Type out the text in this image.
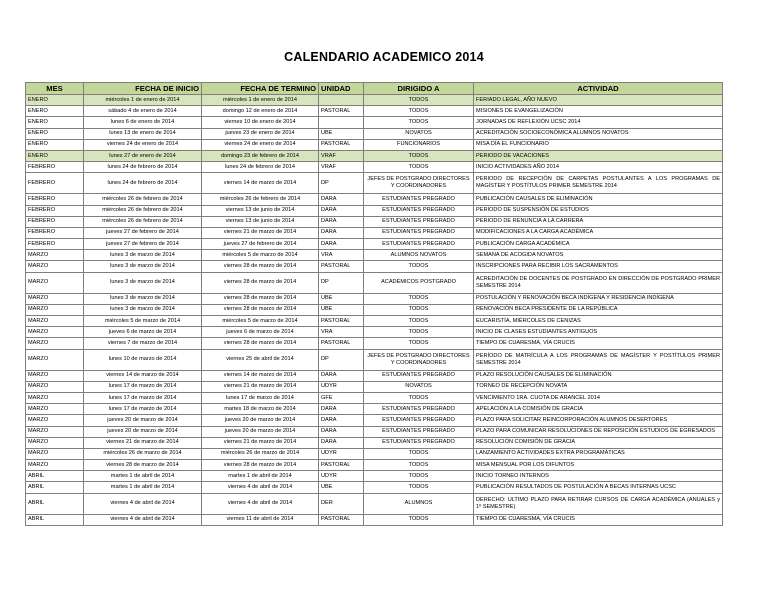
CALENDARIO ACADEMICO 2014
MES	FECHA DE INICIO	FECHA DE TERMINO	UNIDAD	DIRIGIDO A	ACTIVIDAD
ENERO	miércoles 1 de enero de 2014	miércoles 1 de enero de 2014		TODOS	FERIADO LEGAL, AÑO NUEVO
ENERO	sábado 4 de enero de 2014	domingo 12 de enero de 2014	PASTORAL	TODOS	MISIONES DE EVANGELIZACIÓN
ENERO	lunes 6 de enero de 2014	viernes 10 de enero de 2014		TODOS	JORNADAS DE REFLEXIÓN UCSC 2014
ENERO	lunes 13 de enero de 2014	jueves 23 de enero de 2014	UBE	NOVATOS	ACREDITACIÓN SOCIOECONÓMICA ALUMNOS NOVATOS
ENERO	viernes 24 de enero de 2014	viernes 24 de enero de 2014	PASTORAL	FUNCIONARIOS	MISA DÍA EL FUNCIONARIO
ENERO	lunes 27 de enero de 2014	domingo 23 de febrero de 2014	VRAF	TODOS	PERIODO DE VACACIONES
FEBRERO	lunes 24 de febrero de 2014	lunes 24 de febrero de 2014	VRAF	TODOS	INICIO ACTIVIDADES AÑO 2014
FEBRERO	lunes 24 de febrero de 2014	viernes 14 de marzo de 2014	DP	JEFES DE POSTGRADO DIRECTORES Y COORDINADORES	PERIODO DE RECEPCIÓN DE CARPETAS POSTULANTES A LOS PROGRAMAS DE MAGÍSTER Y POSTÍTULOS PRIMER SEMESTRE 2014
FEBRERO	miércoles 26 de febrero de 2014	miércoles 26 de febrero de 2014	DARA	ESTUDIANTES PREGRADO	PUBLICACIÓN CAUSALES DE ELIMINACIÓN
FEBRERO	miércoles 26 de febrero de 2014	viernes 13 de junio de 2014	DARA	ESTUDIANTES PREGRADO	PERIODO DE SUSPENSIÓN DE ESTUDIOS
FEBRERO	miércoles 26 de febrero de 2014	viernes 13 de junio de 2014	DARA	ESTUDIANTES PREGRADO	PERIODO DE RENUNCIA A LA CARRERA
FEBRERO	jueves 27 de febrero de 2014	viernes 21 de marzo de 2014	DARA	ESTUDIANTES PREGRADO	MODIFICACIONES A LA CARGA ACADÉMICA
FEBRERO	jueves 27 de febrero de 2014	jueves 27 de febrero de 2014	DARA	ESTUDIANTES PREGRADO	PUBLICACIÓN CARGA ACADÉMICA
MARZO	lunes 3 de marzo de 2014	miércoles 5 de marzo de 2014	VRA	ALUMNOS NOVATOS	SEMANA DE ACOGIDA NOVATOS
MARZO	lunes 3 de marzo de 2014	viernes 28 de marzo de 2014	PASTORAL	TODOS	INSCRIPCIONES PARA RECIBIR LOS SACRAMENTOS
MARZO	lunes 3 de marzo de 2014	viernes 28 de marzo de 2014	DP	ACADÉMICOS POSTGRADO	ACREDITACIÓN DE DOCENTES DE POSTGRADO EN DIRECCIÓN DE POSTGRADO PRIMER SEMESTRE 2014
MARZO	lunes 3 de marzo de 2014	viernes 28 de marzo de 2014	UBE	TODOS	POSTULACIÓN Y RENOVACIÓN BECA INDÍGENA Y RESIDENCIA INDÍGENA
MARZO	lunes 3 de marzo de 2014	viernes 28 de marzo de 2014	UBE	TODOS	RENOVACIÓN BECA PRESIDENTE DE LA REPÚBLICA
MARZO	miércoles 5 de marzo de 2014	miércoles 5 de marzo de 2014	PASTORAL	TODOS	EUCARISTÍA, MIÉRCOLES DE CENIZAS
MARZO	jueves 6 de marzo de 2014	jueves 6 de marzo de 2014	VRA	TODOS	INICIO DE CLASES ESTUDIANTES ANTIGUOS
MARZO	viernes 7 de marzo de 2014	viernes 28 de marzo de 2014	PASTORAL	TODOS	TIEMPO DE CUARESMA, VÍA CRUCIS
MARZO	lunes 10 de marzo de 2014	viernes 25 de abril de 2014	DP	JEFES DE POSTGRADO DIRECTORES Y COORDINADORES	PERÍODO DE MATRÍCULA A LOS PROGRAMAS DE MAGÍSTER Y POSTÍTULOS PRIMER SEMESTRE 2014
MARZO	viernes 14 de marzo de 2014	viernes 14 de marzo de 2014	DARA	ESTUDIANTES PREGRADO	PLAZO RESOLUCIÓN CAUSALES DE ELIMINACIÓN
MARZO	lunes 17 de marzo de 2014	viernes 21 de marzo de 2014	UDYR	NOVATOS	TORNEO DE RECEPCIÓN NOVATA
MARZO	lunes 17 de marzo de 2014	lunes 17 de marzo de 2014	GFE	TODOS	VENCIMIENTO 1RA. CUOTA DE ARANCEL 2014
MARZO	lunes 17 de marzo de 2014	martes 18 de marzo de 2014	DARA	ESTUDIANTES PREGRADO	APELACIÓN A LA COMISIÓN DE GRACIA
MARZO	jueves 20 de marzo de 2014	jueves 20 de marzo de 2014	DARA	ESTUDIANTES PREGRADO	PLAZO PARA SOLICITAR REINCORPORACIÓN ALUMNOS DESERTORES
MARZO	jueves 20 de marzo de 2014	jueves 20 de marzo de 2014	DARA	ESTUDIANTES PREGRADO	PLAZO PARA COMUNICAR RESOLUCIONES DE REPOSICIÓN ESTUDIOS DE EGRESADOS
MARZO	viernes 21 de marzo de 2014	viernes 21 de marzo de 2014	DARA	ESTUDIANTES PREGRADO	RESOLUCIÓN COMISIÓN DE GRACIA
MARZO	miércoles 26 de marzo de 2014	miércoles 26 de marzo de 2014	UDYR	TODOS	LANZAMIENTO ACTIVIDADES EXTRA PROGRAMÁTICAS
MARZO	viernes 28 de marzo de 2014	viernes 28 de marzo de 2014	PASTORAL	TODOS	MISA MENSUAL POR LOS DIFUNTOS
ABRIL	martes 1 de abril de 2014	martes 1 de abril de 2014	UDYR	TODOS	INICIO TORNEO INTERNOS
ABRIL	martes 1 de abril de 2014	viernes 4 de abril de 2014	UBE	TODOS	PUBLICACIÓN RESULTADOS DE POSTULACIÓN A BECAS INTERNAS UCSC
ABRIL	viernes 4 de abril de 2014	viernes 4 de abril de 2014	DER	ALUMNOS	DERECHO: ULTIMO PLAZO PARA RETIRAR CURSOS DE CARGA ACADÉMICA (ANUALES y 1º SEMESTRE)
ABRIL	viernes 4 de abril de 2014	viernes 11 de abril de 2014	PASTORAL	TODOS	TIEMPO DE CUARESMA, VÍA CRUCIS
